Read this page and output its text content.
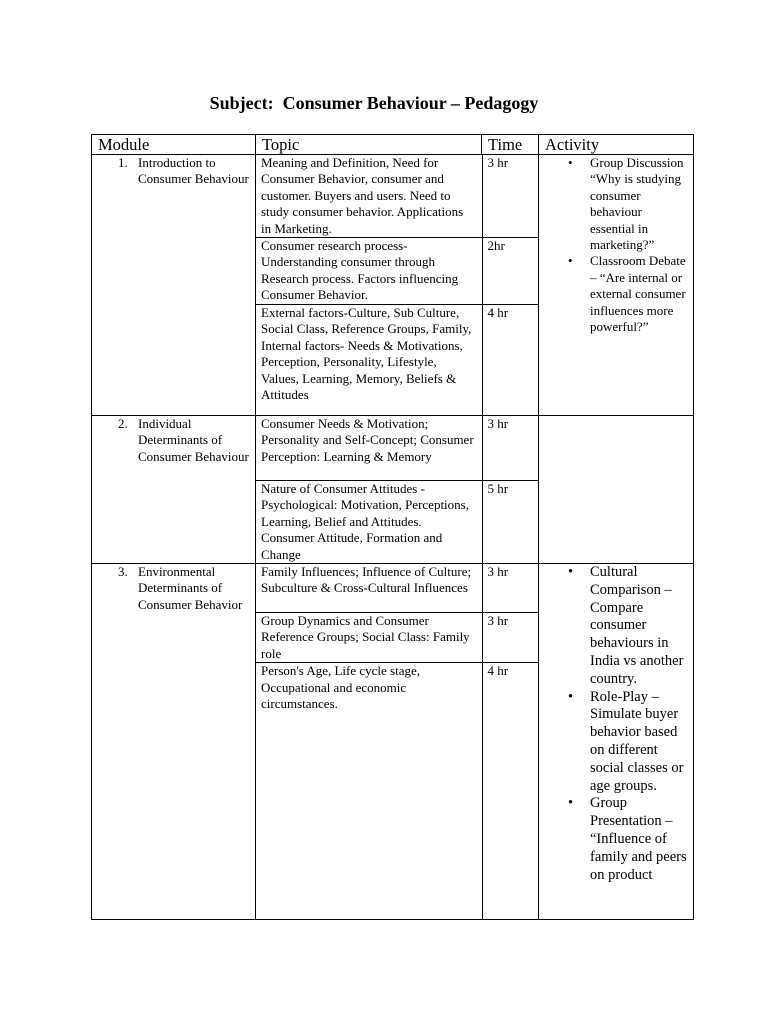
Subject:  Consumer Behaviour – Pedagogy
Module	Topic	Time	Activity

1. Introduction to Consumer Behaviour	
Meaning and Definition, Need for Consumer Behavior, consumer and customer. Buyers and users. Need to study consumer behavior. Applications in Marketing.	3 hr
Consumer research process-Understanding consumer through Research process. Factors influencing Consumer Behavior.	2hr
External factors-Culture, Sub Culture, Social Class, Reference Groups, Family, Internal factors- Needs & Motivations, Perception, Personality, Lifestyle, Values, Learning, Memory, Beliefs & Attitudes	4 hr

• Group Discussion “Why is studying consumer behaviour essential in marketing?”
• Classroom Debate – “Are internal or external consumer influences more powerful?”

2. Individual Determinants of Consumer Behaviour	
Consumer Needs & Motivation; Personality and Self-Concept; Consumer Perception: Learning & Memory	3 hr
Nature of Consumer Attitudes - Psychological: Motivation, Perceptions, Learning, Belief and Attitudes. Consumer Attitude, Formation and Change	5 hr

3. Environmental Determinants of Consumer Behavior	
Family Influences; Influence of Culture; Subculture & Cross-Cultural Influences	3 hr
Group Dynamics and Consumer Reference Groups; Social Class: Family role	3 hr
Person's Age, Life cycle stage, Occupational and economic circumstances.	4 hr

• Cultural Comparison – Compare consumer behaviours in India vs another country.
• Role-Play – Simulate buyer behavior based on different social classes or age groups.
• Group Presentation – “Influence of family and peers on product
